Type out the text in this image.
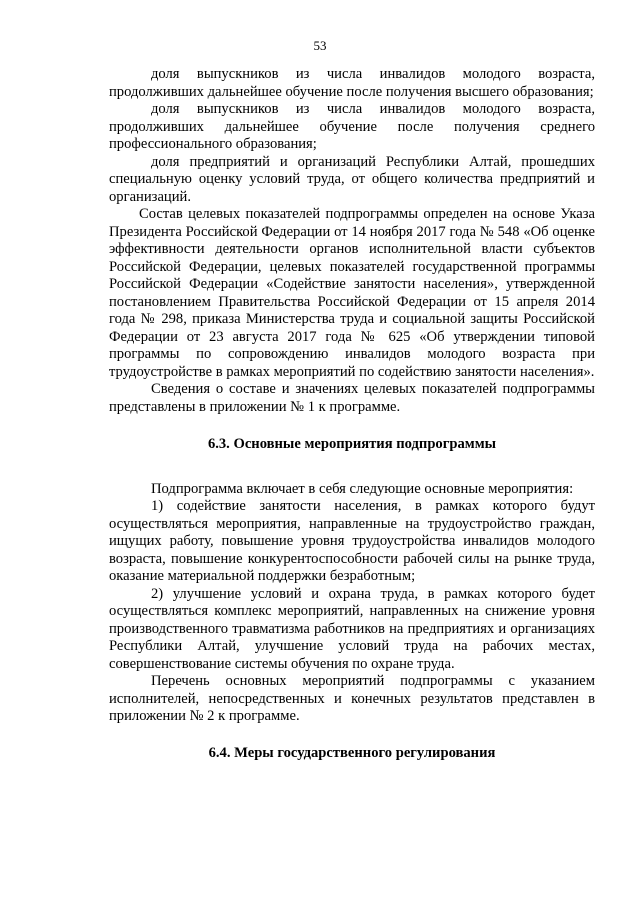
53

доля выпускников из числа инвалидов молодого возраста, продолживших дальнейшее обучение после получения высшего образования;

доля выпускников из числа инвалидов молодого возраста, продолживших дальнейшее обучение после получения среднего профессионального образования;

доля предприятий и организаций Республики Алтай, прошедших специальную оценку условий труда, от общего количества предприятий и организаций.

Состав целевых показателей подпрограммы определен на основе Указа Президента Российской Федерации от 14 ноября 2017 года № 548 «Об оценке эффективности деятельности органов исполнительной власти субъектов Российской Федерации, целевых показателей государственной программы Российской Федерации «Содействие занятости населения», утвержденной постановлением Правительства Российской Федерации от 15 апреля 2014 года № 298, приказа Министерства труда и социальной защиты Российской Федерации от 23 августа 2017 года № 625 «Об утверждении типовой программы по сопровождению инвалидов молодого возраста при трудоустройстве в рамках мероприятий по содействию занятости населения».

Сведения о составе и значениях целевых показателей подпрограммы представлены в приложении № 1 к программе.

6.3. Основные мероприятия подпрограммы

Подпрограмма включает в себя следующие основные мероприятия:

1) содействие занятости населения, в рамках которого будут осуществляться мероприятия, направленные на трудоустройство граждан, ищущих работу, повышение уровня трудоустройства инвалидов молодого возраста, повышение конкурентоспособности рабочей силы на рынке труда, оказание материальной поддержки безработным;

2) улучшение условий и охрана труда, в рамках которого будет осуществляться комплекс мероприятий, направленных на снижение уровня производственного травматизма работников на предприятиях и организациях Республики Алтай, улучшение условий труда на рабочих местах, совершенствование системы обучения по охране труда.

Перечень основных мероприятий подпрограммы с указанием исполнителей, непосредственных и конечных результатов представлен в приложении № 2 к программе.

6.4. Меры государственного регулирования
